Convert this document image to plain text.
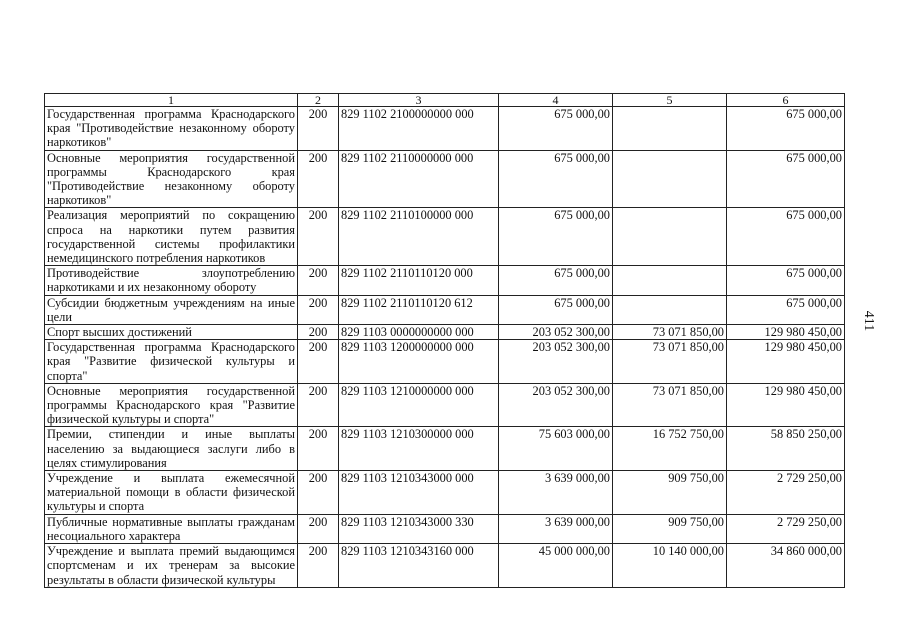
1	2	3	4	5	6
Государственная программа Краснодарского края "Противодействие незаконному обороту наркотиков"	200	829 1102 2100000000 000	675 000,00		675 000,00
Основные мероприятия государственной программы Краснодарского края "Противодействие незаконному обороту наркотиков"	200	829 1102 2110000000 000	675 000,00		675 000,00
Реализация мероприятий по сокращению спроса на наркотики путем развития государственной системы профилактики немедицинского потребления наркотиков	200	829 1102 2110100000 000	675 000,00		675 000,00
Противодействие злоупотреблению наркотиками и их незаконному обороту	200	829 1102 2110110120 000	675 000,00		675 000,00
Субсидии бюджетным учреждениям на иные цели	200	829 1102 2110110120 612	675 000,00		675 000,00
Спорт высших достижений	200	829 1103 0000000000 000	203 052 300,00	73 071 850,00	129 980 450,00
Государственная программа Краснодарского края "Развитие физической культуры и спорта"	200	829 1103 1200000000 000	203 052 300,00	73 071 850,00	129 980 450,00
Основные мероприятия государственной программы Краснодарского края "Развитие физической культуры и спорта"	200	829 1103 1210000000 000	203 052 300,00	73 071 850,00	129 980 450,00
Премии, стипендии и иные выплаты населению за выдающиеся заслуги либо в целях стимулирования	200	829 1103 1210300000 000	75 603 000,00	16 752 750,00	58 850 250,00
Учреждение и выплата ежемесячной материальной помощи в области физической культуры и спорта	200	829 1103 1210343000 000	3 639 000,00	909 750,00	2 729 250,00
Публичные нормативные выплаты гражданам несоциального характера	200	829 1103 1210343000 330	3 639 000,00	909 750,00	2 729 250,00
Учреждение и выплата премий выдающимся спортсменам и их тренерам за высокие результаты в области физической культуры	200	829 1103 1210343160 000	45 000 000,00	10 140 000,00	34 860 000,00
411
